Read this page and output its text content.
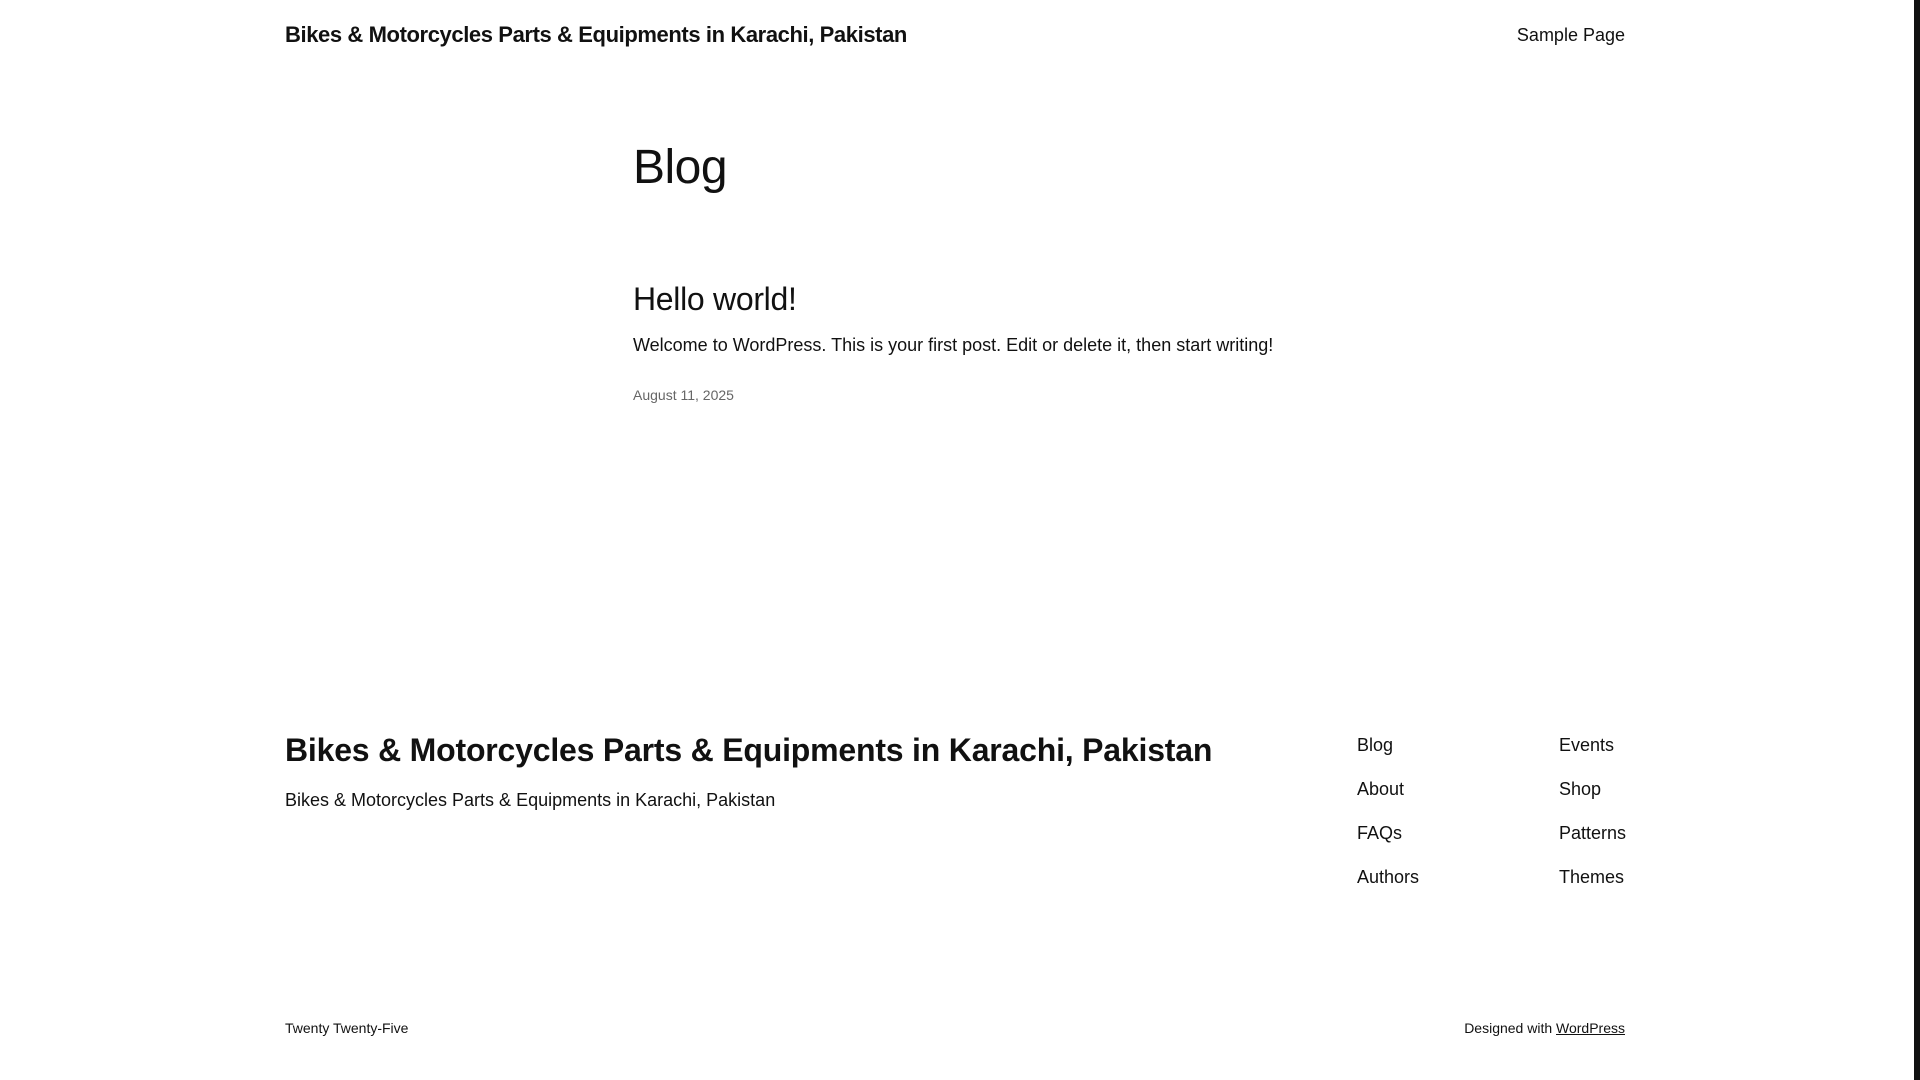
Bikes & Motorcycles Parts & Equipments in Karachi, Pakistan	Sample Page
Blog
Hello world!

Welcome to WordPress. This is your first post. Edit or delete it, then start writing!

August 11, 2025
Bikes & Motorcycles Parts & Equipments in Karachi, Pakistan
Bikes & Motorcycles Parts & Equipments in Karachi, Pakistan
Blog
About
FAQs
Authors
Events
Shop
Patterns
Themes
Twenty Twenty-Five	Designed with WordPress
